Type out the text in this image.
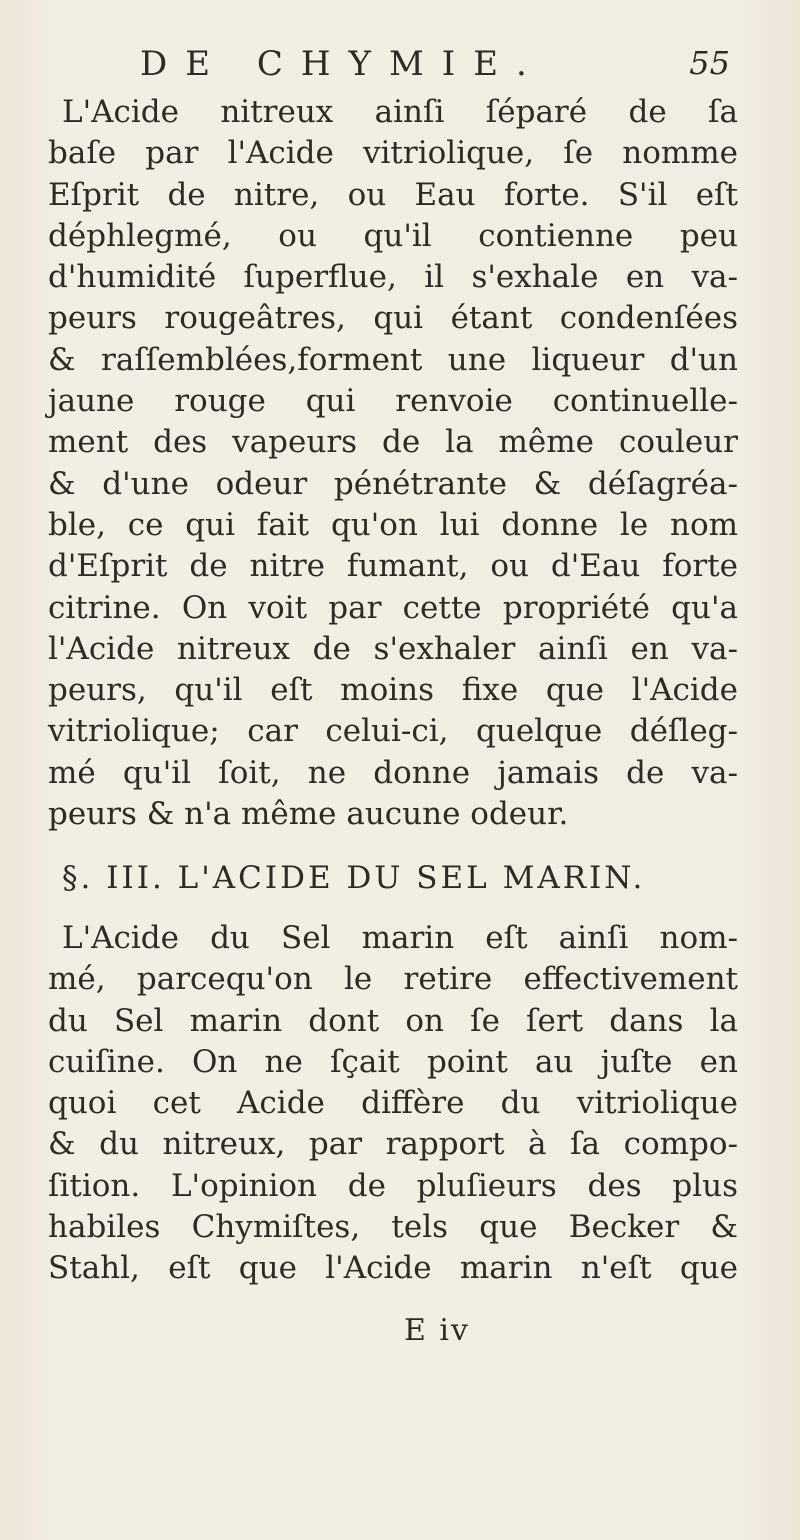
DE CHYMIE.	55
L'Acide nitreux ainſi ſéparé de ſa
baſe par l'Acide vitriolique, ſe nomme
Eſprit de nitre, ou Eau forte. S'il eſt
déphlegmé, ou qu'il contienne peu
d'humidité ſuperflue, il s'exhale en va-
peurs rougeâtres, qui étant condenſées
& raſſemblées,forment une liqueur d'un
jaune rouge qui renvoie continuelle-
ment des vapeurs de la même couleur
& d'une odeur pénétrante & déſagréa-
ble, ce qui fait qu'on lui donne le nom
d'Eſprit de nitre fumant, ou d'Eau forte
citrine. On voit par cette propriété qu'a
l'Acide nitreux de s'exhaler ainſi en va-
peurs, qu'il eſt moins fixe que l'Acide
vitriolique; car celui-ci, quelque déſleg-
mé qu'il ſoit, ne donne jamais de va-
peurs & n'a même aucune odeur.
§. III. L'ACIDE DU SEL MARIN.
L'Acide du Sel marin eſt ainſi nom-
mé, parcequ'on le retire effectivement
du Sel marin dont on ſe ſert dans la
cuiſine. On ne ſçait point au juſte en
quoi cet Acide diffère du vitriolique
& du nitreux, par rapport à ſa compo-
ſition. L'opinion de pluſieurs des plus
habiles Chymiſtes, tels que Becker &
Stahl, eſt que l'Acide marin n'eſt que
E iv
